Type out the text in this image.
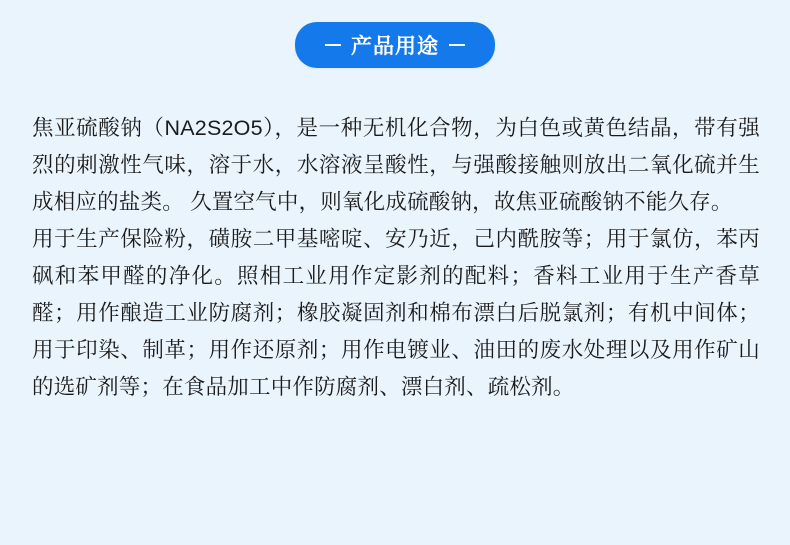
产品用途

焦亚硫酸钠（NA2S2O5），是一种无机化合物，为白色或黄色结晶，带有强烈的刺激性气味，溶于水，水溶液呈酸性，与强酸接触则放出二氧化硫并生成相应的盐类。 久置空气中，则氧化成硫酸钠，故焦亚硫酸钠不能久存。

用于生产保险粉，磺胺二甲基嘧啶、安乃近，己内酰胺等；用于氯仿，苯丙砜和苯甲醛的净化。照相工业用作定影剂的配料；香料工业用于生产香草醛；用作酿造工业防腐剂；橡胶凝固剂和棉布漂白后脱氯剂；有机中间体；用于印染、制革；用作还原剂；用作电镀业、油田的废水处理以及用作矿山的选矿剂等；在食品加工中作防腐剂、漂白剂、疏松剂。
